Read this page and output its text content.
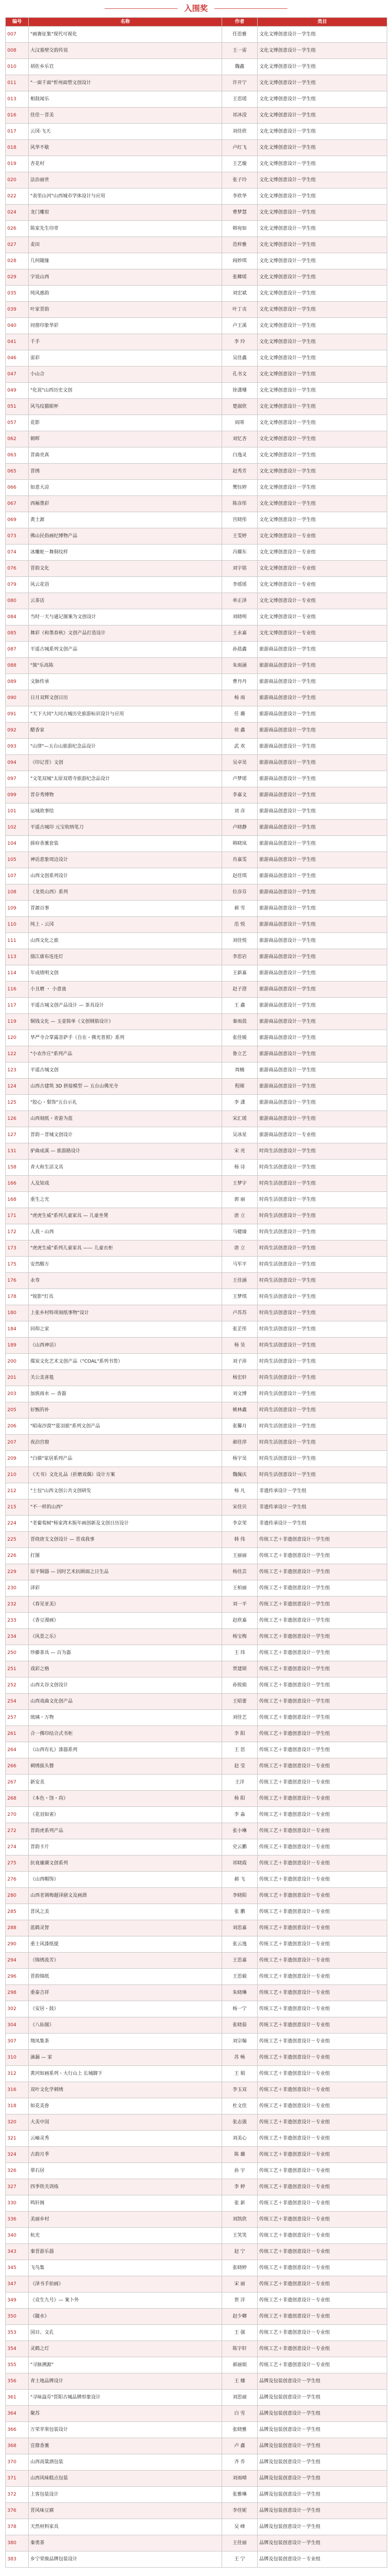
入围奖
编号	名称	作者	类目
007	"画赛征集"现代可视化	任思雅	文化文博创意设计－学生组
008	大汉墓壁交韵传说	王一雷	文化文博创意设计－学生组
010	胡佐乡乐官	魏鑫	文化文博创意设计－学生组
011	"一面千面"忻州面塑文创设计	许开宁	文化文博创意设计－学生组
013	相鼓闻乐	王思瑶	文化文博创意设计－学生组
016	佳佳－晋美	祁沐滢	文化文博创意设计－学生组
017	云冈·飞天	刘佳欣	文化文博创意设计－学生组
018	风华不歇	卢红飞	文化文博创意设计－学生组
019	杏花村	王艺璇	文化文博创意设计－学生组
020	法治丽世	张子玲	文化文博创意设计－学生组
022	"表里山河"山西城市学体设计与应用	李欣华	文化文博创意设计－学生组
024	龙门雕窑	曹梦慧	文化文博创意设计－学生组
026	陈家先生印章	韩宛如	文化文博创意设计－学生组
027	麦田	范梓雅	文化文博创意设计－学生组
028	几何随缘	阎妙琪	文化文博创意设计－学生组
029	字说山西	张卿瑶	文化文博创意设计－学生组
035	纯风惠韵	刘宏斌	文化文博创意设计－学生组
039	叶家晋韵	叶丁贞	文化文博创意设计－学生组
040	同窗印象华彩	卢王溪	文化文博创意设计－学生组
041	千手	李 玲	文化文博创意设计－学生组
046	雷彩	吴佳鑫	文化文博创意设计－学生组
047	小山合	孔书文	文化文博创意设计－学生组
049	"化说"山西历史文创	徐潇珊	文化文博创意设计－学生组
051	风鸟纹猫眼杯	楚淑欣	文化文博创意设计－学生组
057	花影	阎寒	文化文博创意设计－学生组
062	朝晖	刘忆杏	文化文博创意设计－学生组
063	晋曲亮真	白逸灵	文化文博创意设计－学生组
065	晋绣	赵秀芳	文化文博创意设计－学生组
066	如意大凉	樊钰婷	文化文博创意设计－学生组
067	西厢墨彩	陈彦彤	文化文博创意设计－学生组
069	黄土源	宫晓彤	文化文博创意设计－学生组
073	佛山民俗画纪博物产品	王雯婷	文化文博创意设计－专业组
074	冰雕蛇－舞侗纹样	冯耀东	文化文博创意设计－专业组
076	晋韵文化	刘宇铭	文化文博创意设计－专业组
079	风云花语	李瑶瑶	文化文博创意设计－专业组
080	云茶话	单正泽	文化文博创意设计－专业组
084	当时一天与通记图案为文创设计	刘晓明	文化文博创意设计－专业组
085	舞彩《和墨春秋》文创产品打造设计	王永嘉	文化文博创意设计－专业组
087	平遥古城系列文创产品	孙晨鑫	旅游商品创意设计－学生组
088	"簇"乐高陈	朱雨涵	旅游商品创意设计－学生组
089	文脉传承	曹丹丹	旅游商品创意设计－学生组
090	日月双辉文创日历	杨 雨	旅游商品创意设计－学生组
091	"天下大同"大同古城历史旅游标识设计与应用	任 璐	旅游商品创意设计－学生组
092	醋香家	侯 鑫	旅游商品创意设计－学生组
093	"山律"—五台山旅游纪念品设计	武 欢	旅游商品创意设计－学生组
094	《印记晋》文创	吴卓昊	旅游商品创意设计－学生组
097	"文笔双城"太原双塔寺旅游纪念品设计	卢梦瑶	旅游商品创意设计－学生组
099	晋存秀博物	李嘉文	旅游商品创意设计－学生组
101	运城故事绘	刘 彦	旅游商品创意设计－学生组
102	平遥古城印 元宝收纳笔刀	卢晓静	旅游商品创意设计－学生组
104	薛府香薰套装	韩晓岚	旅游商品创意设计－学生组
105	神话意象周边设计	肖嘉雯	旅游商品创意设计－学生组
107	山西文创系列设计	赵佳琪	旅游商品创意设计－学生组
108	《龙瓷山西》系列	位彦芬	旅游商品创意设计－学生组
109	晋源百事	郝 雪	旅游商品创意设计－学生组
110	纯上 - 云冈	范 悦	旅游商品创意设计－学生组
111	山西文化之旅	刘佳悦	旅游商品创意设计－学生组
113	僖江康布连连灯	李思岩	旅游商品创意设计－学生组
114	年成绩明文创	王新嘉	旅游商品创意设计－学生组
116	小丑磨 ・ 小意蛊	赵子澄	旅游商品创意设计－学生组
117	平遥古城文创产品设计 — 茶具设计	王 鑫	旅游商品创意设计－学生组
119	铜钱文化 — 玉壶简单《文创钢筋设计》	秦雨晨	旅游商品创意设计－学生组
120	华严寺合掌露菩萨手《自在・佛光普照》系列	张佳媛	旅游商品创意设计－学生组
122	"小农作庄"系列产品	鲁立艺	旅游商品创意设计－学生组
123	平遥古城文创	周楠	旅游商品创意设计－学生组
124	山西古建筑 3D 拼接模型 — 五台山佛光寺	程刚	旅游商品创意设计－学生组
125	"胶心・梨饰"五台示礼	李 潇	旅游商品创意设计－学生组
126	山西刻纸・青游为蓝	宋汇瑶	旅游商品创意设计－学生组
127	晋韵－晋城文创设计	吴冰星	旅游商品创意设计－专业组
131	驴曲成溪 — 旅游路设计	宋 亮	时尚生活创意设计－学生组
158	青大和生活文具	杨 诗	时尚生活创意设计－学生组
166	人及知戏	王梦宇	时尚生活创意设计－学生组
168	重生之光	郭 丽	时尚生活创意设计－学生组
171	"虎虎生威"系列儿童家具 — 儿童坐凳	唐 立	时尚生活创意设计－学生组
172	人我・山西	马健瑜	时尚生活创意设计－学生组
173	"虎虎生威"系列儿童家具 —— 儿童衣柜	唐 立	时尚生活创意设计－学生组
175	安然醒方	马军平	时尚生活创意设计－学生组
176	永寿	王佳涵	时尚生活创意设计－学生组
178	"锐影"灯具	王梦琪	时尚生活创意设计－学生组
180	上张乡村特项刻纸事物"设计	卢苏苏	时尚生活创意设计－学生组
184	回仰之家	张芷彤	时尚生活创意设计－学生组
189	《山西神话》	杨 昊	时尚生活创意设计－学生组
200	煤炭文化艺术文创产品（"COAL"系列书签）	刘子沛	时尚生活创意设计－学生组
201	关公美喜毯	杨宏轩	时尚生活创意设计－学生组
203	加族雨水 — 香器	刘文博	时尚生活创意设计－学生组
205	好甄的补	姚林鑫	时尚生活创意设计－学生组
206	"昭南沙漠""夏羽旅"系列文创产品	张馨月	时尚生活创意设计－学生组
207	夜泊宫窗	郝佳萍	时尚生活创意设计－学生组
209	"白描"家居系列产品	杨宇昊	时尚生活创意设计－学生组
210	《天书》文化礼品（折磨戏偶）设计方案	魏佩庆	时尚生活创意设计－学生组
212	"土包"山西文创公共文创研发	杨 凡	非遗传承设计－学生组
215	"不一样的山西"	宋佳贝	非遗传承设计－学生组
224	"老葡萄树"杨家湾木版年画创新及文创日历设计	李京荣	非遗传承设计－学生组
225	晋绕唐支文创设计 — 晋戏我事	韩 伟	传统工艺＋非遗创意设计－学生组
226	打图	王丽丽	传统工艺＋非遗创意设计－学生组
229	原平铜器 — 因时艺术抗顾面之日生品	杨佳芸	传统工艺＋非遗创意设计－学生组
230	泽彩	王柏丽	传统工艺＋非遗创意设计－学生组
232	《春见亚美》	刘一平	传统工艺＋非遗创意设计－学生组
233	《香豆漫画》	赵欣嘉	传统工艺＋非遗创意设计－学生组
234	《风景之乐》	杨宝梅	传统工艺＋非遗创意设计－学生组
250	珍藤茶具 — 百为器	王 玮	传统工艺＋非遗创意设计－学生组
251	戏彩之格	贾建锁	传统工艺＋非遗创意设计－学生组
252	山西太谷文创设计	孙锐娟	传统工艺＋非遗创意设计－学生组
254	山西戏曲文化创产品	王昭蕾	传统工艺＋非遗创意设计－学生组
257	琉璃・万物	刘佳艺	传统工艺＋非遗创意设计－学生组
261	合一佛印结合式书柜	李 阳	传统工艺＋非遗创意设计－学生组
264	《山西有礼》漆器系列	王 思	传统工艺＋非遗创意设计－学生组
266	刺绣拔头簪	赵 莹	传统工艺＋非遗创意设计－专业组
267	新安美	王洋	传统工艺＋非遗创意设计－专业组
268	《本色・饶・尚》	杨 阳	传统工艺＋非遗创意设计－专业组
270	《花羽如雀》	李 淼	传统工艺＋非遗创意设计－专业组
272	晋韵虎系列产品	张小琳	传统工艺＋非遗创意设计－专业组
274	晋韵卡片	史云鹏	传统工艺＋非遗创意设计－专业组
275	抗衰廉潮文创系列	祁晓霞	传统工艺＋非遗创意设计－专业组
276	《山西帽饰》	郝 飞	传统工艺＋非遗创意设计－专业组
280	山西老调梅题译剧文及画酒	李晓阳	传统工艺＋非遗创意设计－专业组
285	晋风之美	张 鹏	传统工艺＋非遗创意设计－专业组
288	蓝鹤灵智	刘思嘉	传统工艺＋非遗创意设计－专业组
290	重士风漆纸提	张云逸	传统工艺＋非遗创意设计－专业组
294	《锦绣流芳》	王思嘉	传统工艺＋非遗创意设计－专业组
296	晋韵锦纸	王思毅	传统工艺＋非遗创意设计－专业组
298	重泰吉祥	朱晓琳	传统工艺＋非遗创意设计－专业组
302	《安居・鼓》	杨一宁	传统工艺＋非遗创意设计－专业组
304	《八仙图》	张晓茹	传统工艺＋非遗创意设计－专业组
307	翔凤集茶	刘宗翰	传统工艺＋非遗创意设计－专业组
310	滴漏 — 家	苏 畅	传统工艺＋非遗创意设计－专业组
312	黄河如画系列・大行山上 长城脚下	王 娟	传统工艺＋非遗创意设计－专业组
316	双叶文化学刺绣	李玉双	传统工艺＋非遗创意设计－专业组
318	如花美眷	杜文佳	传统工艺＋非遗创意设计－专业组
320	大美中国	张志强	传统工艺＋非遗创意设计－专业组
321	云岫灵秀	刘美心	传统工艺＋非遗创意设计－专业组
324	古韵月季	陈 璐	传统工艺＋非遗创意设计－专业组
326	翠石居	孙 宇	传统工艺＋非遗创意设计－专业组
327	四季铁关训练	李 婷	传统工艺＋非遗创意设计－专业组
330	鸣轩阁	张 新	传统工艺＋非遗创意设计－专业组
336	美丽乡村	刘凯欣	传统工艺＋非遗创意设计－专业组
340	杭光	王笑笑	传统工艺＋非遗创意设计－专业组
343	秦晋游乐器	赵 宁	传统工艺＋非遗创意设计－专业组
345	飞鸟集	张晓婷	传统工艺＋非遗创意设计－专业组
347	《泽书手拍画》	宋 丽	传统工艺＋非遗创意设计－专业组
349	《竞生九号》— 案卜外	贺 洋	传统工艺＋非遗创意设计－专业组
350	《随水》	赵少卿	传统工艺＋非遗创意设计－专业组
353	国目、文孔	王 强	传统工艺＋非遗创意设计－专业组
354	灵鹤之灯	陈宇轩	传统工艺＋非遗创意设计－专业组
355	"寻脉溯源"	郝丽娟	传统工艺＋非遗创意设计－专业组
356	青土地品牌设计	王 娜	品牌及包装创意设计－学生组
361	"寻味溢芬"晋阳古城品牌形象设计	刘思丽	品牌及包装创意设计－学生组
364	聚苏	白 雪	品牌及包装创意设计－学生组
366	万荣苹果包装设计	张晓雅	品牌及包装创意设计－学生组
368	宣鼎香薰	卢 鑫	品牌及包装创意设计－学生组
370	山西高粱酒包装	齐 乔	品牌及包装创意设计－学生组
371	山西风味糕点包装	刘雨晴	品牌及包装创意设计－学生组
372	上客包装设计	张雅琳	品牌及包装创意设计－学生组
376	晋风味豆腐	李佳妮	品牌及包装创意设计－学生组
378	天然材料家具	吴 峰	品牌及包装创意设计－学生组
380	秦勇茶	王佳丽	品牌及包装创意设计－学生组
383	乡宁荣骏品牌包装设计	王 宁	品牌及包装创意设计－专业组
